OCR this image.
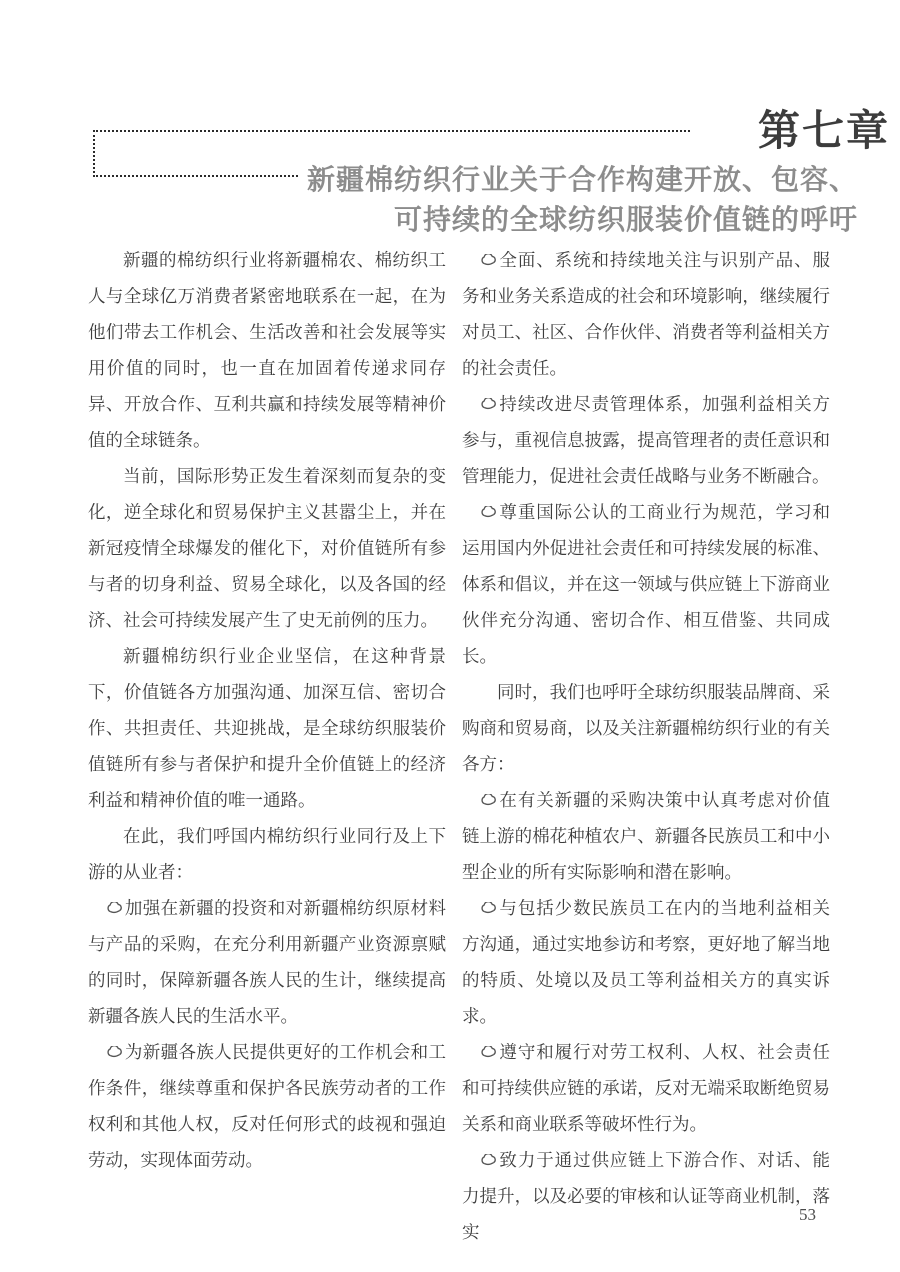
第七章
新疆棉纺织行业关于合作构建开放、包容、
可持续的全球纺织服装价值链的呼吁

新疆的棉纺织行业将新疆棉农、棉纺织工人与全球亿万消费者紧密地联系在一起，在为他们带去工作机会、生活改善和社会发展等实用价值的同时，也一直在加固着传递求同存异、开放合作、互利共赢和持续发展等精神价值的全球链条。

当前，国际形势正发生着深刻而复杂的变化，逆全球化和贸易保护主义甚嚣尘上，并在新冠疫情全球爆发的催化下，对价值链所有参与者的切身利益、贸易全球化，以及各国的经济、社会可持续发展产生了史无前例的压力。

新疆棉纺织行业企业坚信，在这种背景下，价值链各方加强沟通、加深互信、密切合作、共担责任、共迎挑战，是全球纺织服装价值链所有参与者保护和提升全价值链上的经济利益和精神价值的唯一通路。

在此，我们呼国内棉纺织行业同行及上下游的从业者：

加强在新疆的投资和对新疆棉纺织原材料与产品的采购，在充分利用新疆产业资源禀赋的同时，保障新疆各族人民的生计，继续提高新疆各族人民的生活水平。

为新疆各族人民提供更好的工作机会和工作条件，继续尊重和保护各民族劳动者的工作权利和其他人权，反对任何形式的歧视和强迫劳动，实现体面劳动。

全面、系统和持续地关注与识别产品、服务和业务关系造成的社会和环境影响，继续履行对员工、社区、合作伙伴、消费者等利益相关方的社会责任。

持续改进尽责管理体系，加强利益相关方参与，重视信息披露，提高管理者的责任意识和管理能力，促进社会责任战略与业务不断融合。

尊重国际公认的工商业行为规范，学习和运用国内外促进社会责任和可持续发展的标准、体系和倡议，并在这一领域与供应链上下游商业伙伴充分沟通、密切合作、相互借鉴、共同成长。

同时，我们也呼吁全球纺织服装品牌商、采购商和贸易商，以及关注新疆棉纺织行业的有关各方：

在有关新疆的采购决策中认真考虑对价值链上游的棉花种植农户、新疆各民族员工和中小型企业的所有实际影响和潜在影响。

与包括少数民族员工在内的当地利益相关方沟通，通过实地参访和考察，更好地了解当地的特质、处境以及员工等利益相关方的真实诉求。

遵守和履行对劳工权利、人权、社会责任和可持续供应链的承诺，反对无端采取断绝贸易关系和商业联系等破坏性行为。

致力于通过供应链上下游合作、对话、能力提升，以及必要的审核和认证等商业机制，落实

53
